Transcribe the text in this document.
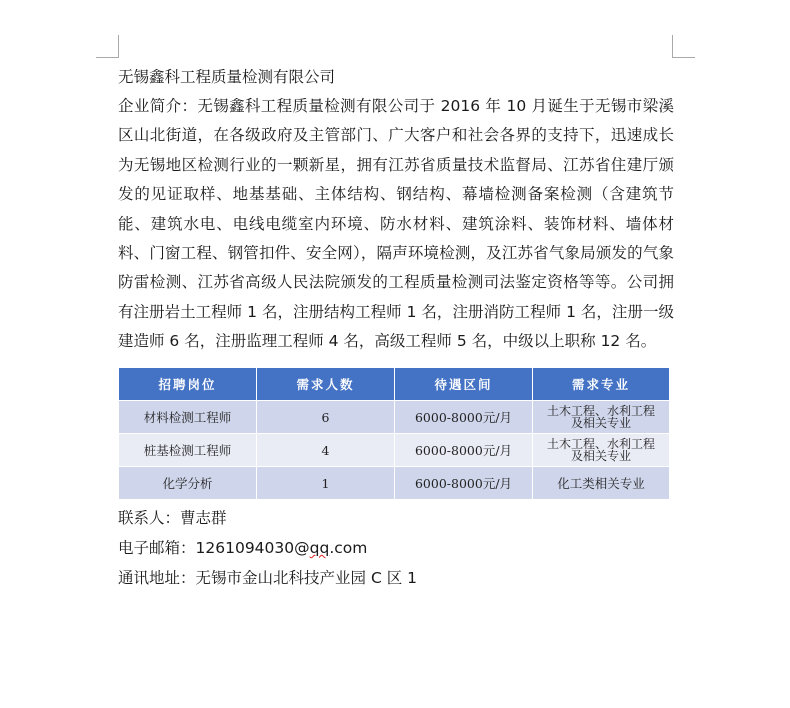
无锡鑫科工程质量检测有限公司

企业简介：无锡鑫科工程质量检测有限公司于 2016 年 10 月诞生于无锡市梁溪区山北街道，在各级政府及主管部门、广大客户和社会各界的支持下，迅速成长为无锡地区检测行业的一颗新星，拥有江苏省质量技术监督局、江苏省住建厅颁发的见证取样、地基基础、主体结构、钢结构、幕墙检测备案检测（含建筑节能、建筑水电、电线电缆室内环境、防水材料、建筑涂料、装饰材料、墙体材料、门窗工程、钢管扣件、安全网），隔声环境检测，及江苏省气象局颁发的气象防雷检测、江苏省高级人民法院颁发的工程质量检测司法鉴定资格等等。公司拥有注册岩土工程师 1 名，注册结构工程师 1 名，注册消防工程师 1 名，注册一级建造师 6 名，注册监理工程师 4 名，高级工程师 5 名，中级以上职称 12 名。

招聘岗位	需求人数	待遇区间	需求专业
材料检测工程师	6	6000-8000元/月	土木工程、水利工程
及相关专业
桩基检测工程师	4	6000-8000元/月	土木工程、水利工程
及相关专业
化学分析	1	6000-8000元/月	化工类相关专业
联系人：曹志群
电子邮箱：1261094030@qq.com
通讯地址：无锡市金山北科技产业园 C 区 1
